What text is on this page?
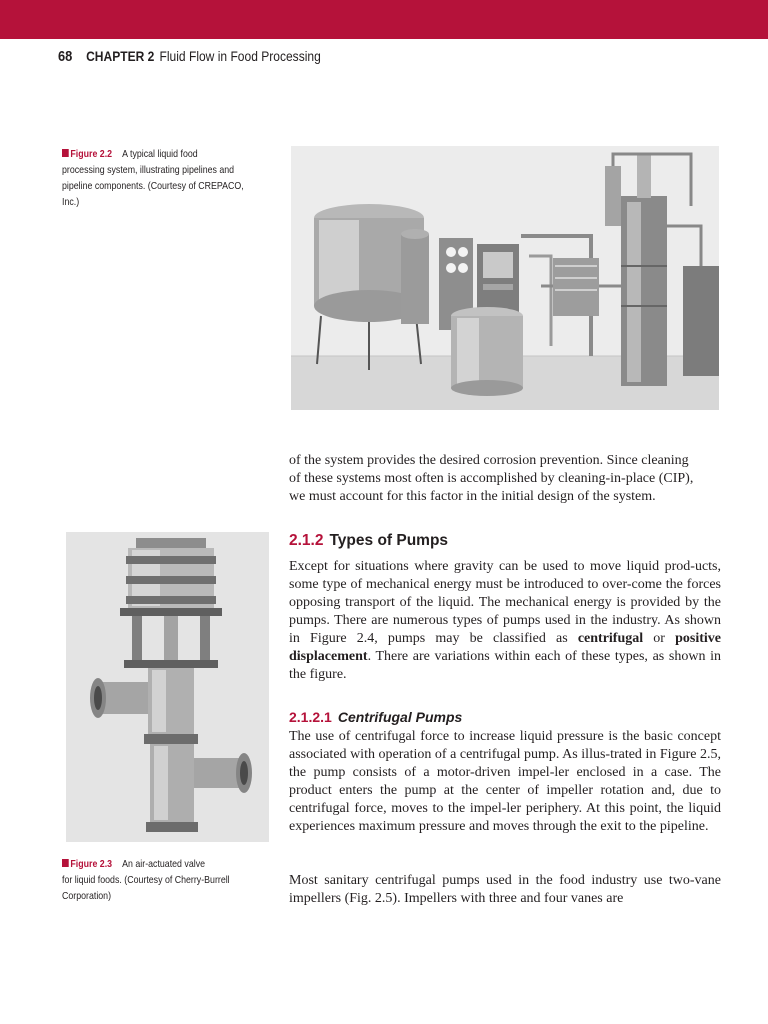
68 CHAPTER 2 Fluid Flow in Food Processing
Figure 2.2 A typical liquid food
processing system, illustrating pipelines and
pipeline components. (Courtesy of CREPACO,
Inc.)
Figure 2.3 An air-actuated valve
for liquid foods. (Courtesy of Cherry-Burrell
Corporation)
of the system provides the desired corrosion prevention. Since cleaning
of these systems most often is accomplished by cleaning-in-place (CIP),
we must account for this factor in the initial design of the system.
2.1.2 Types of Pumps
Except for situations where gravity can be used to move liquid prod-ucts, some type of mechanical energy must be introduced to over-come the forces opposing transport of the liquid. The mechanical energy is provided by the pumps. There are numerous types of pumps used in the industry. As shown in Figure 2.4, pumps may be classified as centrifugal or positive displacement. There are variations within each of these types, as shown in the figure.
2.1.2.1 Centrifugal Pumps
The use of centrifugal force to increase liquid pressure is the basic concept associated with operation of a centrifugal pump. As illus-trated in Figure 2.5, the pump consists of a motor-driven impel-ler enclosed in a case. The product enters the pump at the center of impeller rotation and, due to centrifugal force, moves to the impel-ler periphery. At this point, the liquid experiences maximum pressure and moves through the exit to the pipeline.
Most sanitary centrifugal pumps used in the food industry use two-vane impellers (Fig. 2.5). Impellers with three and four vanes are
